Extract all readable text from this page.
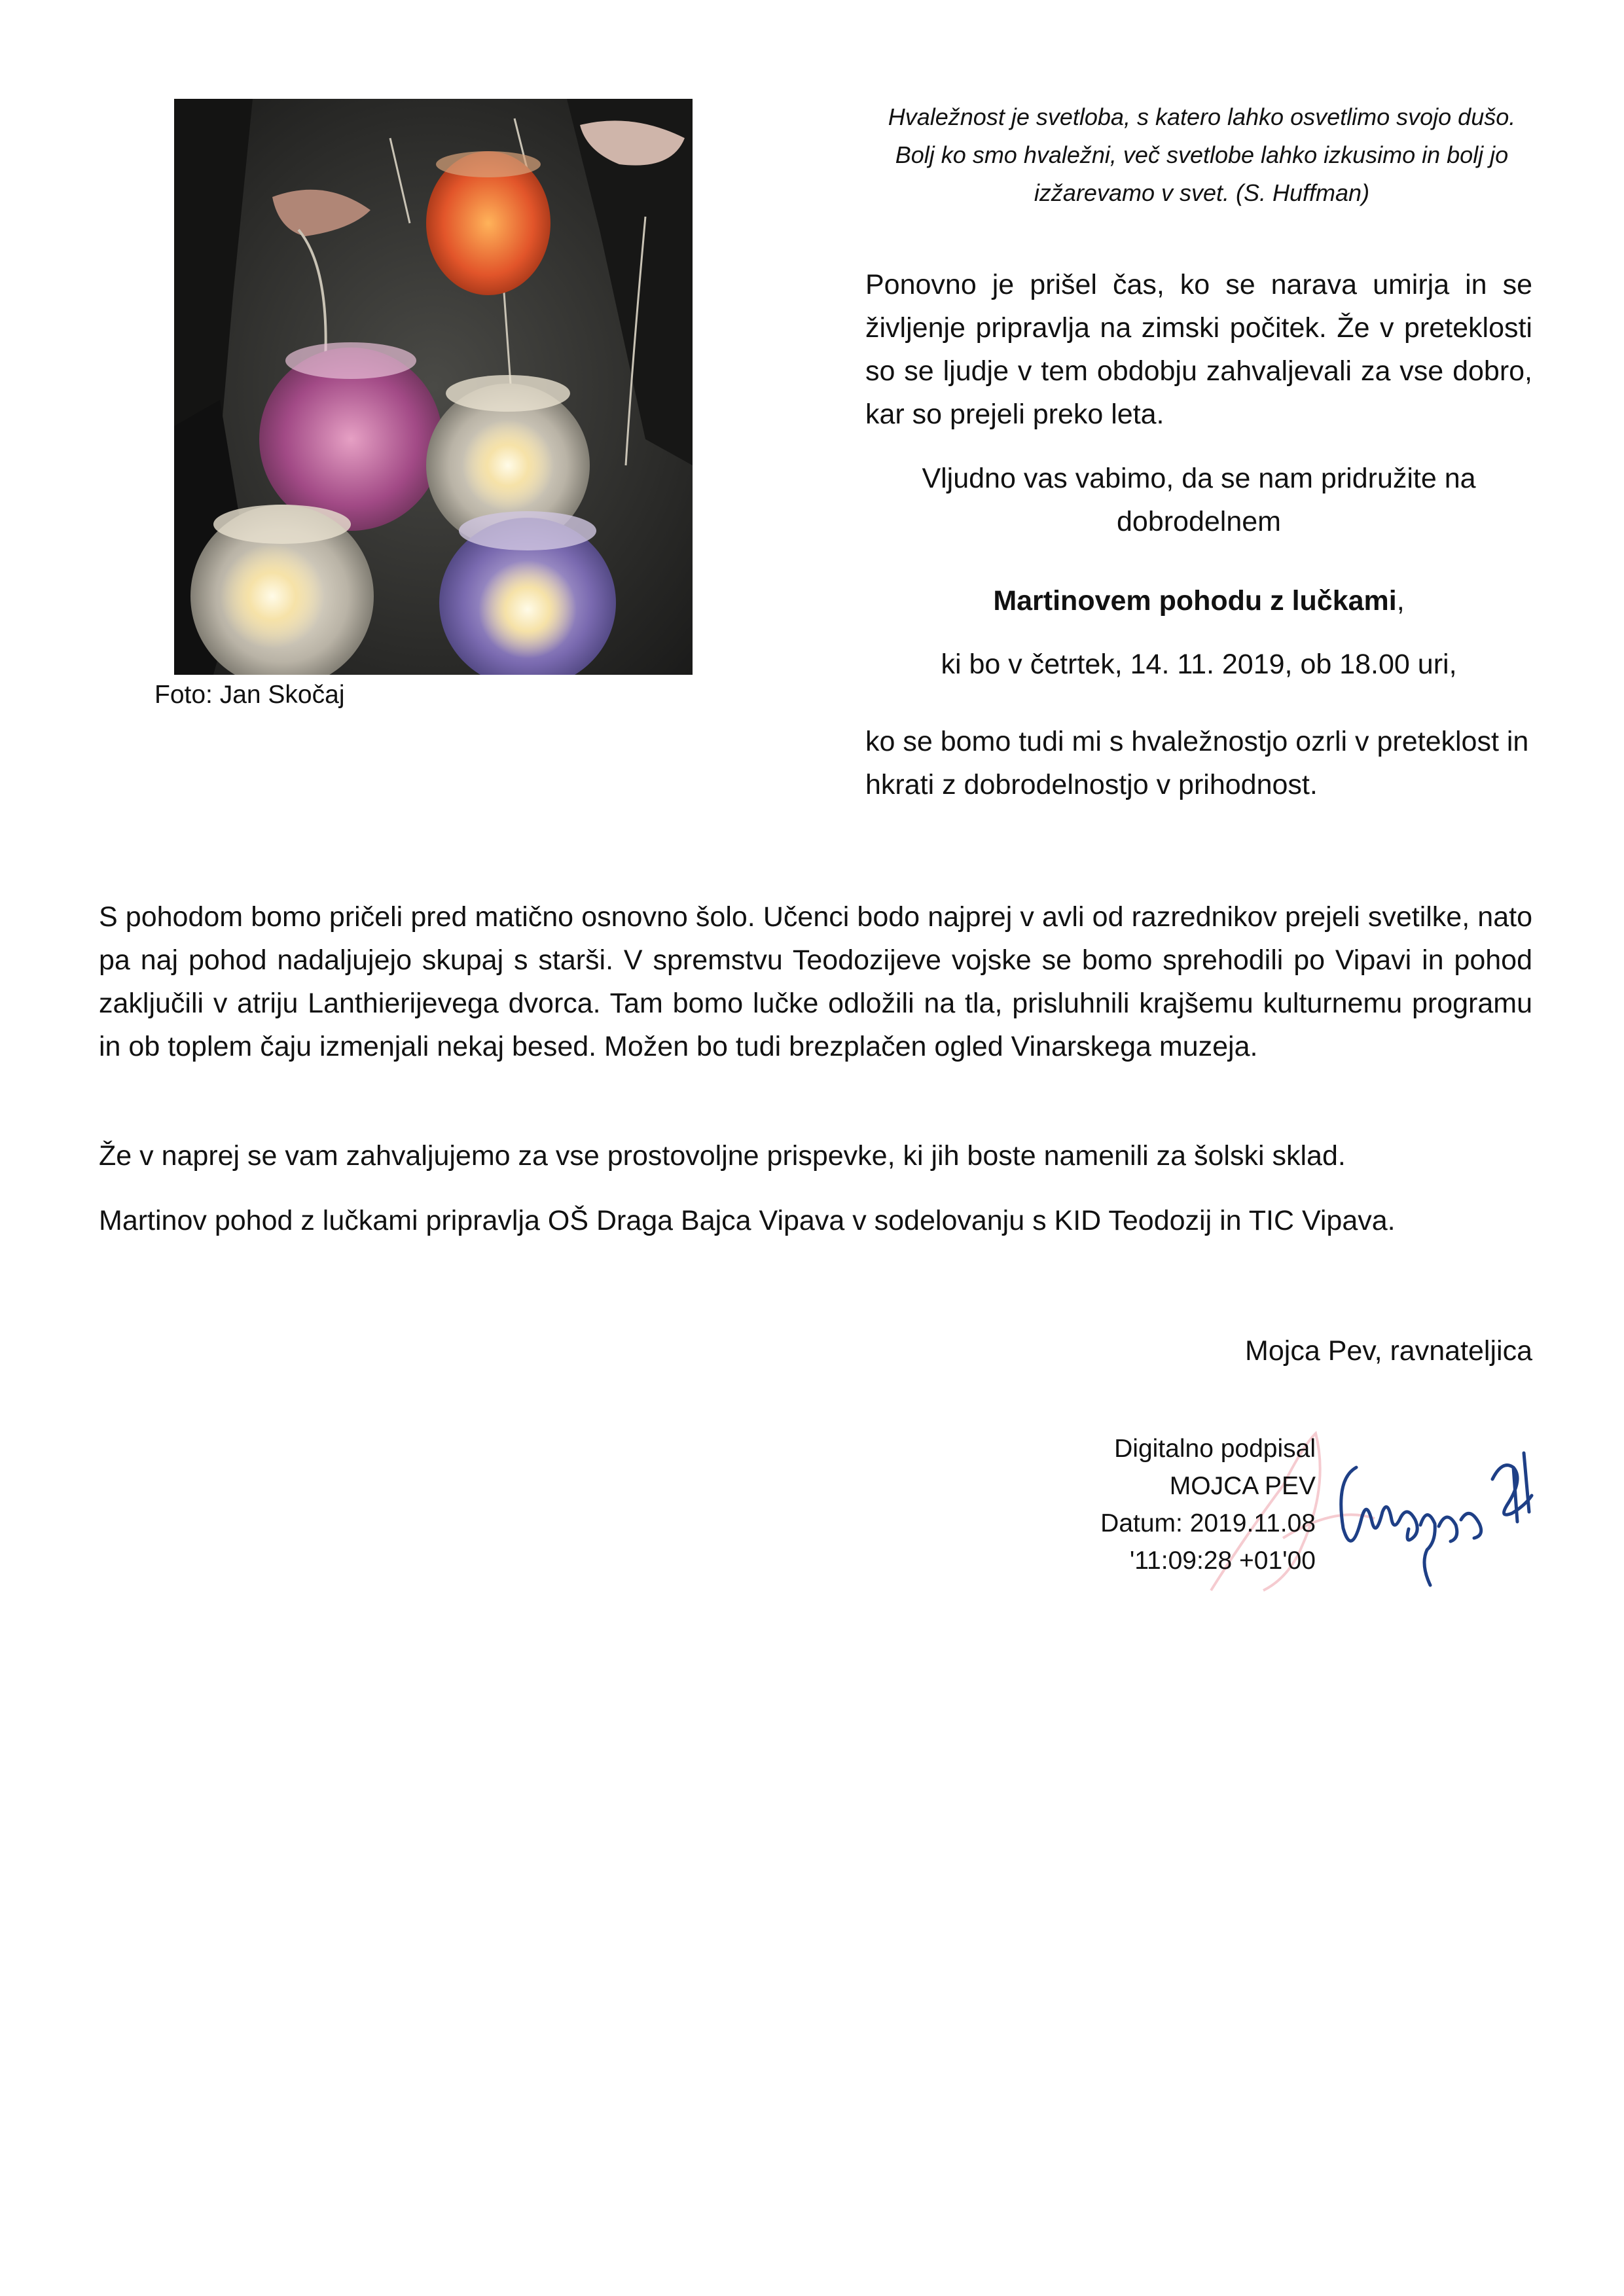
Foto: Jan Skočaj
Hvaležnost je svetloba, s katero lahko osvetlimo svojo dušo.
Bolj ko smo hvaležni, več svetlobe lahko izkusimo in bolj jo
izžarevamo v svet. (S. Huffman)
Ponovno je prišel čas, ko se narava umirja in se življenje pripravlja na zimski počitek. Že v preteklosti so se ljudje v tem obdobju zahvaljevali za vse dobro, kar so prejeli preko leta.
Vljudno vas vabimo, da se nam pridružite na
dobrodelnem
Martinovem pohodu z lučkami,
ki bo v četrtek, 14. 11. 2019, ob 18.00 uri,
ko se bomo tudi mi s hvaležnostjo ozrli v preteklost in hkrati z dobrodelnostjo v prihodnost.
S pohodom bomo pričeli pred matično osnovno šolo. Učenci bodo najprej v avli od razrednikov prejeli svetilke, nato pa naj pohod nadaljujejo skupaj s starši. V spremstvu Teodozijeve vojske se bomo sprehodili po Vipavi in pohod zaključili v atriju Lanthierijevega dvorca. Tam bomo lučke odložili na tla, prisluhnili krajšemu kulturnemu programu in ob toplem čaju izmenjali nekaj besed. Možen bo tudi brezplačen ogled Vinarskega muzeja.
Že v naprej se vam zahvaljujemo za vse prostovoljne prispevke, ki jih boste namenili za šolski sklad.
Martinov pohod z lučkami pripravlja OŠ Draga Bajca Vipava v sodelovanju s KID Teodozij in TIC Vipava.
Mojca Pev, ravnateljica
Digitalno podpisal
MOJCA PEV
Datum: 2019.11.08
'11:09:28 +01'00
